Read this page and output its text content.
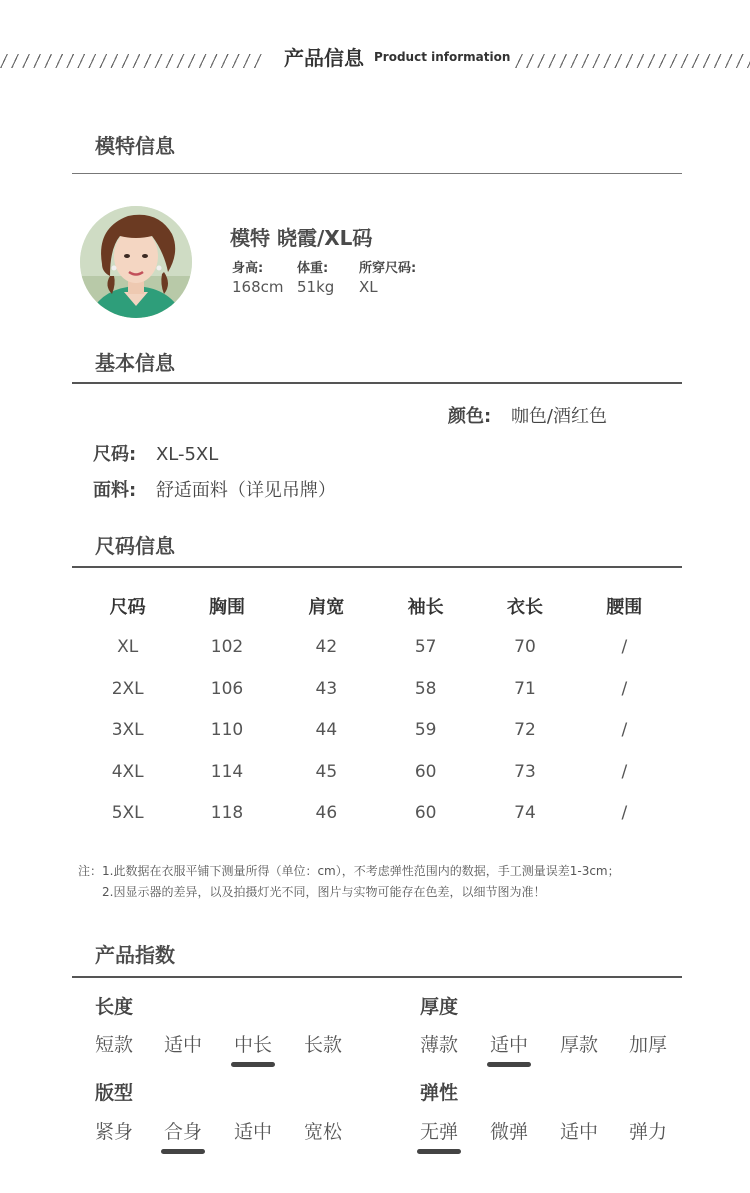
产品信息 Product information
模特信息
模特 晓霞/XL码
身高:
168cm
体重:
51kg
所穿尺码:
XL
基本信息
颜色: 咖色/酒红色
尺码: XL-5XL
面料: 舒适面料（详见吊牌）
尺码信息
尺码	胸围	肩宽	袖长	衣长	腰围
XL	102	42	57	70	/
2XL	106	43	58	71	/
3XL	110	44	59	72	/
4XL	114	45	60	73	/
5XL	118	46	60	74	/
注：1.此数据在衣服平铺下测量所得（单位：cm），不考虑弹性范围内的数据，手工测量误差1-3cm；
2.因显示器的差异，以及拍摄灯光不同，图片与实物可能存在色差，以细节图为准！
产品指数
长度	厚度
短款 适中 中长 长款	薄款 适中 厚款 加厚
版型	弹性
紧身 合身 适中 宽松	无弹 微弹 适中 弹力
